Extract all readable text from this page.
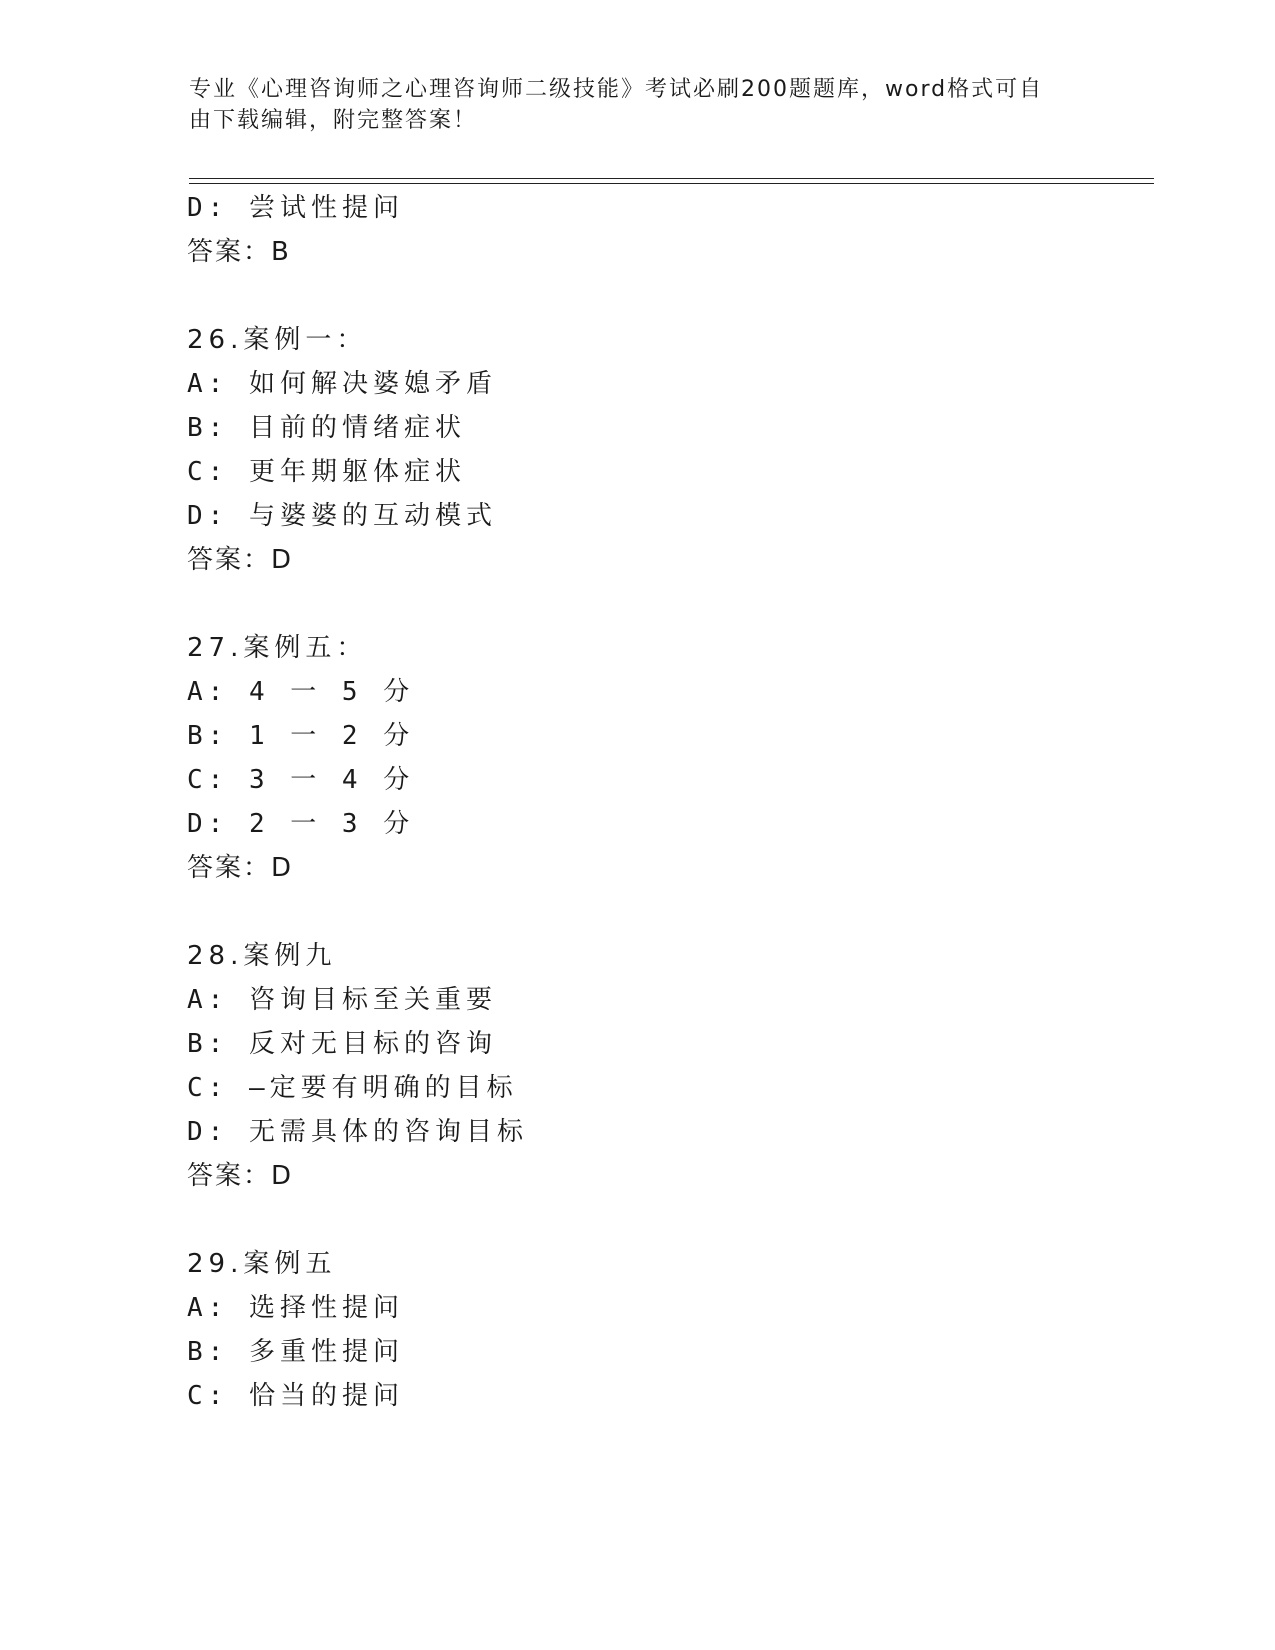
专业《心理咨询师之心理咨询师二级技能》考试必刷200题题库，word格式可自
由下载编辑，附完整答案！
D: 尝试性提问
答案：B
26.案例一：
A: 如何解决婆媳矛盾
B: 目前的情绪症状
C: 更年期躯体症状
D: 与婆婆的互动模式
答案：D
27.案例五：
A: 4 一 5 分
B: 1 一 2 分
C: 3 一 4 分
D: 2 一 3 分
答案：D
28.案例九
A: 咨询目标至关重要
B: 反对无目标的咨询
C: —定要有明确的目标
D: 无需具体的咨询目标
答案：D
29.案例五
A: 选择性提问
B: 多重性提问
C: 恰当的提问
